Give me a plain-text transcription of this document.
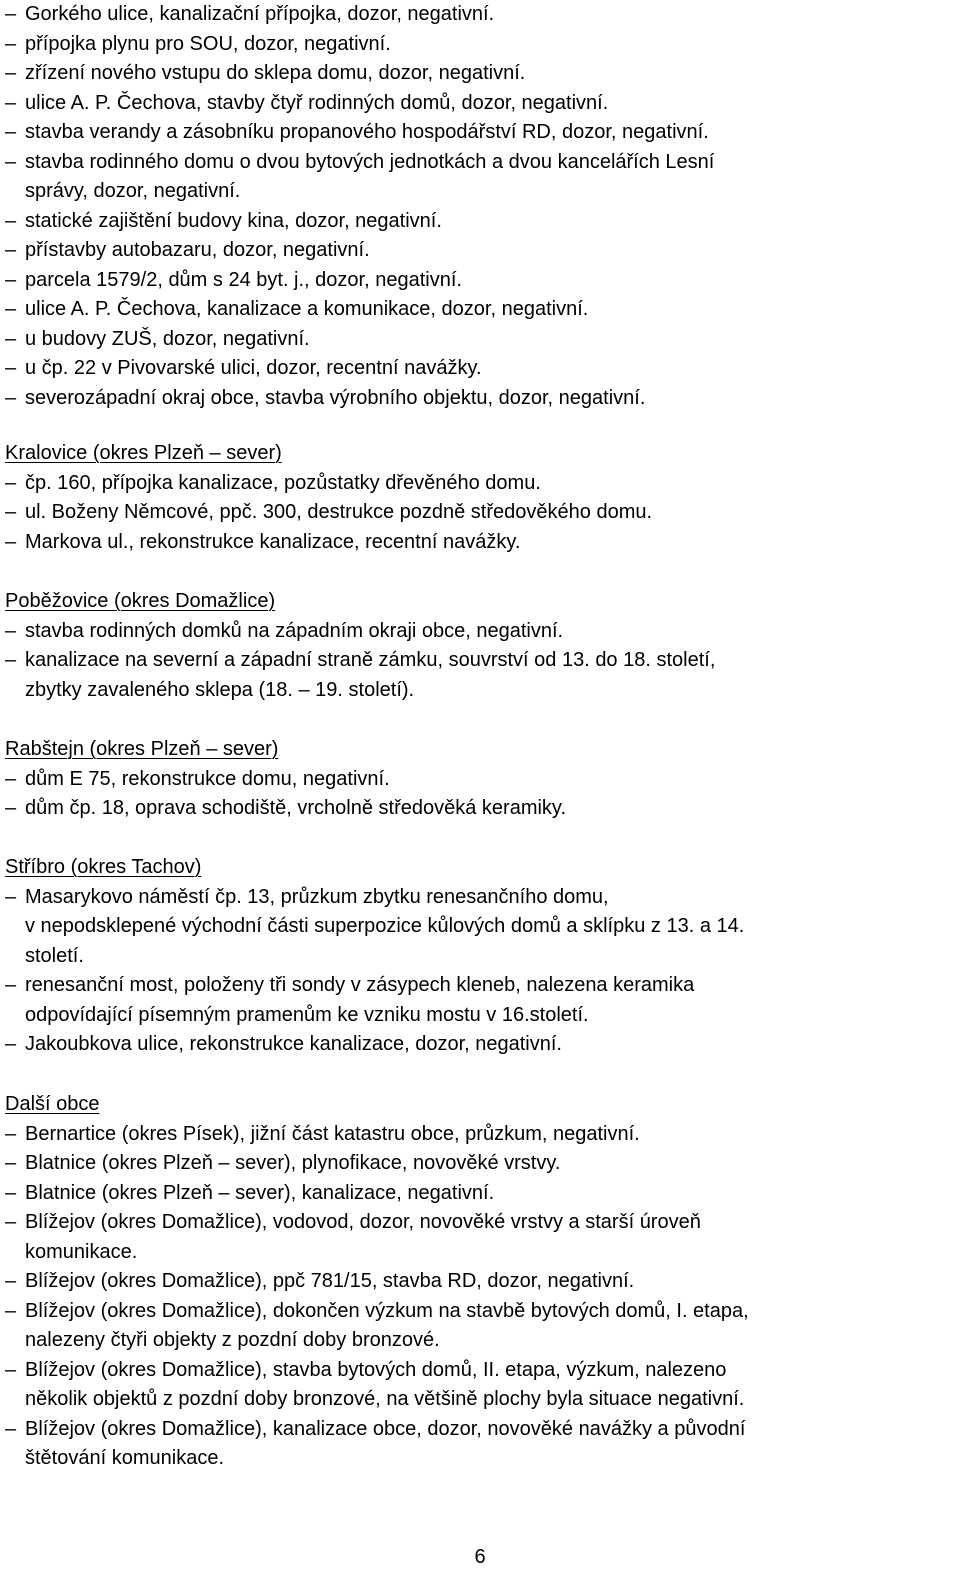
– Gorkého ulice, kanalizační přípojka, dozor, negativní.
– přípojka plynu pro SOU, dozor, negativní.
– zřízení nového vstupu do sklepa domu, dozor, negativní.
– ulice A. P. Čechova, stavby čtyř rodinných domů, dozor, negativní.
– stavba verandy a zásobníku propanového hospodářství RD, dozor, negativní.
– stavba rodinného domu o dvou bytových jednotkách a dvou kancelářích Lesní
správy, dozor, negativní.
– statické zajištění budovy kina, dozor, negativní.
– přístavby autobazaru, dozor, negativní.
– parcela 1579/2, dům s 24 byt. j., dozor, negativní.
– ulice A. P. Čechova, kanalizace a komunikace, dozor, negativní.
– u budovy ZUŠ, dozor, negativní.
– u čp. 22 v Pivovarské ulici, dozor, recentní navážky.
– severozápadní okraj obce, stavba výrobního objektu, dozor, negativní.
Kralovice (okres Plzeň – sever)
– čp. 160, přípojka kanalizace, pozůstatky dřevěného domu.
– ul. Boženy Němcové, ppč. 300, destrukce pozdně středověkého domu.
– Markova ul., rekonstrukce kanalizace, recentní navážky.
Poběžovice (okres Domažlice)
– stavba rodinných domků na západním okraji obce, negativní.
– kanalizace na severní a západní straně zámku, souvrství od 13. do 18. století,
zbytky zavaleného sklepa (18. – 19. století).
Rabštejn (okres Plzeň – sever)
– dům E 75, rekonstrukce domu, negativní.
– dům čp. 18, oprava schodiště, vrcholně středověká keramiky.
Stříbro (okres Tachov)
– Masarykovo náměstí čp. 13, průzkum zbytku renesančního domu,
v nepodsklepené východní části superpozice kůlových domů a sklípku z 13. a 14.
století.
– renesanční most, položeny tři sondy v zásypech kleneb, nalezena keramika
odpovídající písemným pramenům ke vzniku mostu v 16.století.
– Jakoubkova ulice, rekonstrukce kanalizace, dozor, negativní.
Další obce
– Bernartice (okres Písek), jižní část katastru obce, průzkum, negativní.
– Blatnice (okres Plzeň – sever), plynofikace, novověké vrstvy.
– Blatnice (okres Plzeň – sever), kanalizace, negativní.
– Blížejov (okres Domažlice), vodovod, dozor, novověké vrstvy a starší úroveň
komunikace.
– Blížejov (okres Domažlice), ppč 781/15, stavba RD, dozor, negativní.
– Blížejov (okres Domažlice), dokončen výzkum na stavbě bytových domů, I. etapa,
nalezeny čtyři objekty z pozdní doby bronzové.
– Blížejov (okres Domažlice), stavba bytových domů, II. etapa, výzkum, nalezeno
několik objektů z pozdní doby bronzové, na většině plochy byla situace negativní.
– Blížejov (okres Domažlice), kanalizace obce, dozor, novověké navážky a původní
štětování komunikace.
6
